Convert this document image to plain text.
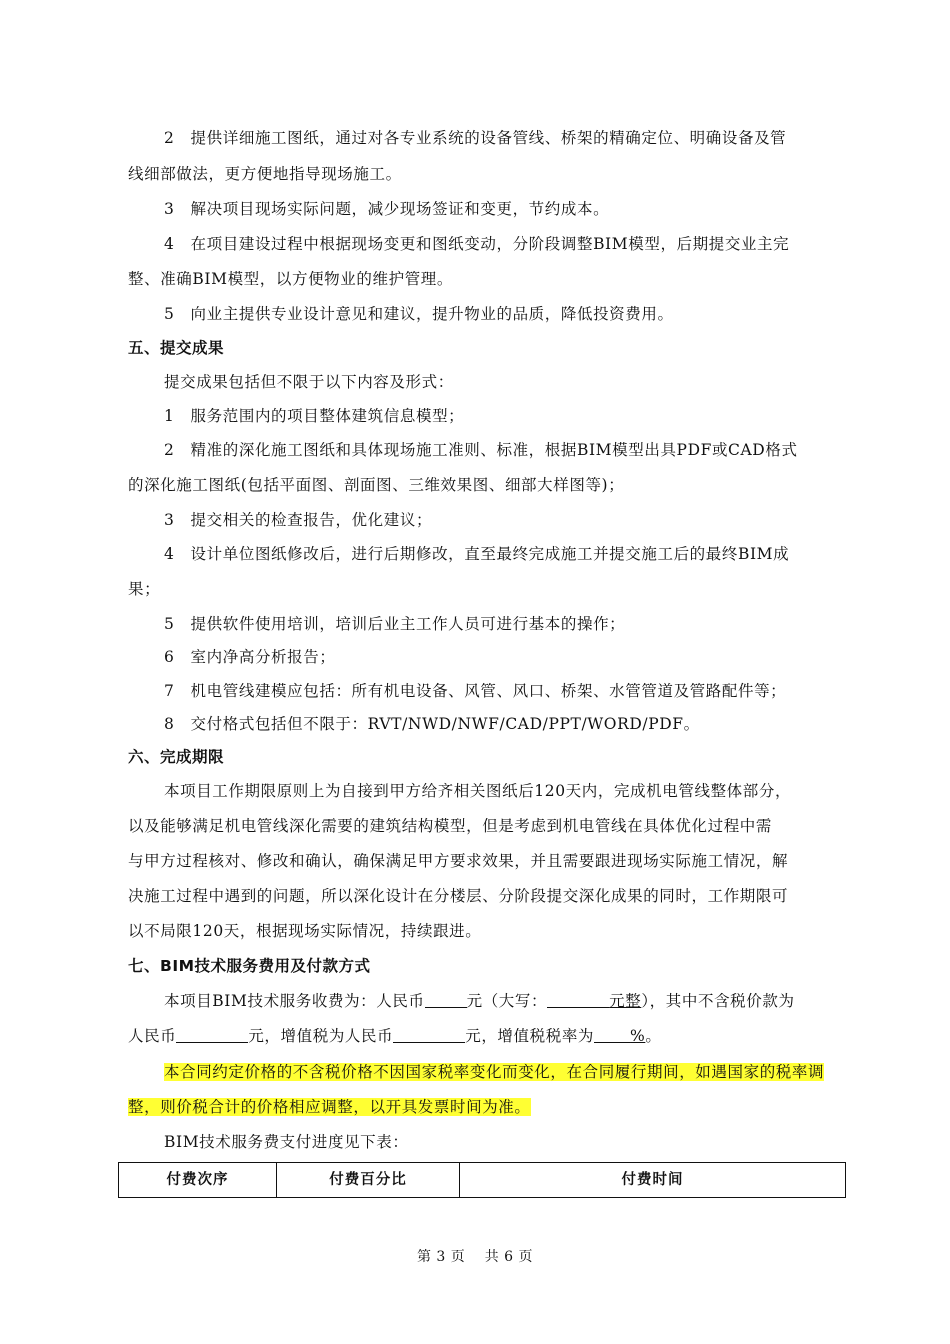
2　提供详细施工图纸，通过对各专业系统的设备管线、桥架的精确定位、明确设备及管
线细部做法，更方便地指导现场施工。
3　解决项目现场实际问题，减少现场签证和变更，节约成本。
4　在项目建设过程中根据现场变更和图纸变动，分阶段调整BIM模型，后期提交业主完
整、准确BIM模型，以方便物业的维护管理。
5　向业主提供专业设计意见和建议，提升物业的品质，降低投资费用。
五、提交成果
提交成果包括但不限于以下内容及形式：
1　服务范围内的项目整体建筑信息模型；
2　精准的深化施工图纸和具体现场施工准则、标准，根据BIM模型出具PDF或CAD格式
的深化施工图纸(包括平面图、剖面图、三维效果图、细部大样图等)；
3　提交相关的检查报告，优化建议；
4　设计单位图纸修改后，进行后期修改，直至最终完成施工并提交施工后的最终BIM成
果；
5　提供软件使用培训，培训后业主工作人员可进行基本的操作；
6　室内净高分析报告；
7　机电管线建模应包括：所有机电设备、风管、风口、桥架、水管管道及管路配件等；
8　交付格式包括但不限于：RVT/NWD/NWF/CAD/PPT/WORD/PDF。
六、完成期限
本项目工作期限原则上为自接到甲方给齐相关图纸后120天内，完成机电管线整体部分，
以及能够满足机电管线深化需要的建筑结构模型，但是考虑到机电管线在具体优化过程中需
与甲方过程核对、修改和确认，确保满足甲方要求效果，并且需要跟进现场实际施工情况，解
决施工过程中遇到的问题，所以深化设计在分楼层、分阶段提交深化成果的同时，工作期限可
以不局限120天，根据现场实际情况，持续跟进。
七、BIM技术服务费用及付款方式
本项目BIM技术服务收费为：人民币	元（大写：	元整），其中不含税价款为
人民币	元，增值税为人民币	元，增值税税率为 %。
本合同约定价格的不含税价格不因国家税率变化而变化，在合同履行期间，如遇国家的税率调
整，则价税合计的价格相应调整，以开具发票时间为准。
BIM技术服务费支付进度见下表：
付费次序	付费百分比	付费时间
第 3 页　 共 6 页
